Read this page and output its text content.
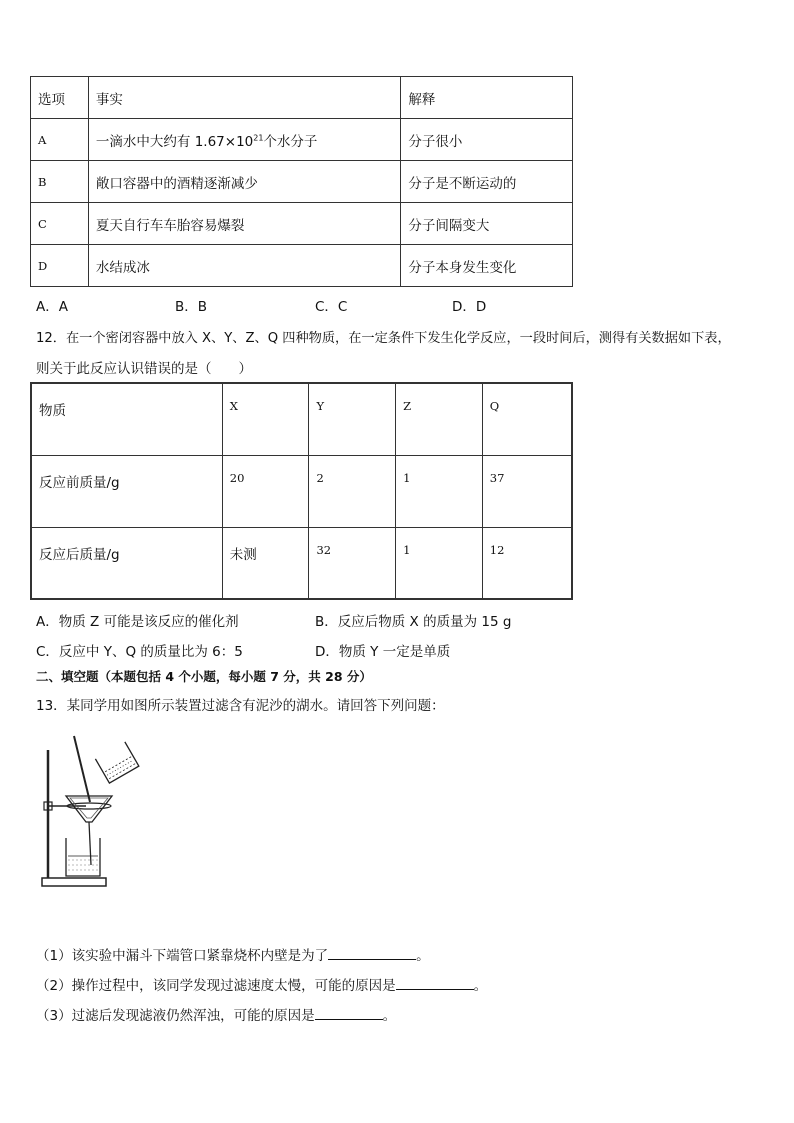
选项	事实	解释
A	一滴水中大约有 $1.67\times 10^{21}$个水分子	分子很小
B	敞口容器中的酒精逐渐减少	分子是不断运动的
C	夏天自行车车胎容易爆裂	分子间隔变大
D	水结成冰	分子本身发生变化
A．A	B．B	C．C	D．D
12．在一个密闭容器中放入 X、Y、Z、Q 四种物质，在一定条件下发生化学反应，一段时间后，测得有关数据如下表，
则关于此反应认识错误的是（　　）
物质	X	Y	Z	Q
反应前质量/g	20	2	1	37
反应后质量/g	未测	32	1	12
A．物质 Z 可能是该反应的催化剂	B．反应后物质 X 的质量为 15 g
C．反应中 Y、Q 的质量比为 6：5	D．物质 Y 一定是单质
二、填空题（本题包括 4 个小题，每小题 7 分，共 28 分）
13．某同学用如图所示装置过滤含有泥沙的湖水。请回答下列问题：
（1）该实验中漏斗下端管口紧靠烧杯内壁是为了	。
（2）操作过程中，该同学发现过滤速度太慢，可能的原因是	。
（3）过滤后发现滤液仍然浑浊，可能的原因是	。
